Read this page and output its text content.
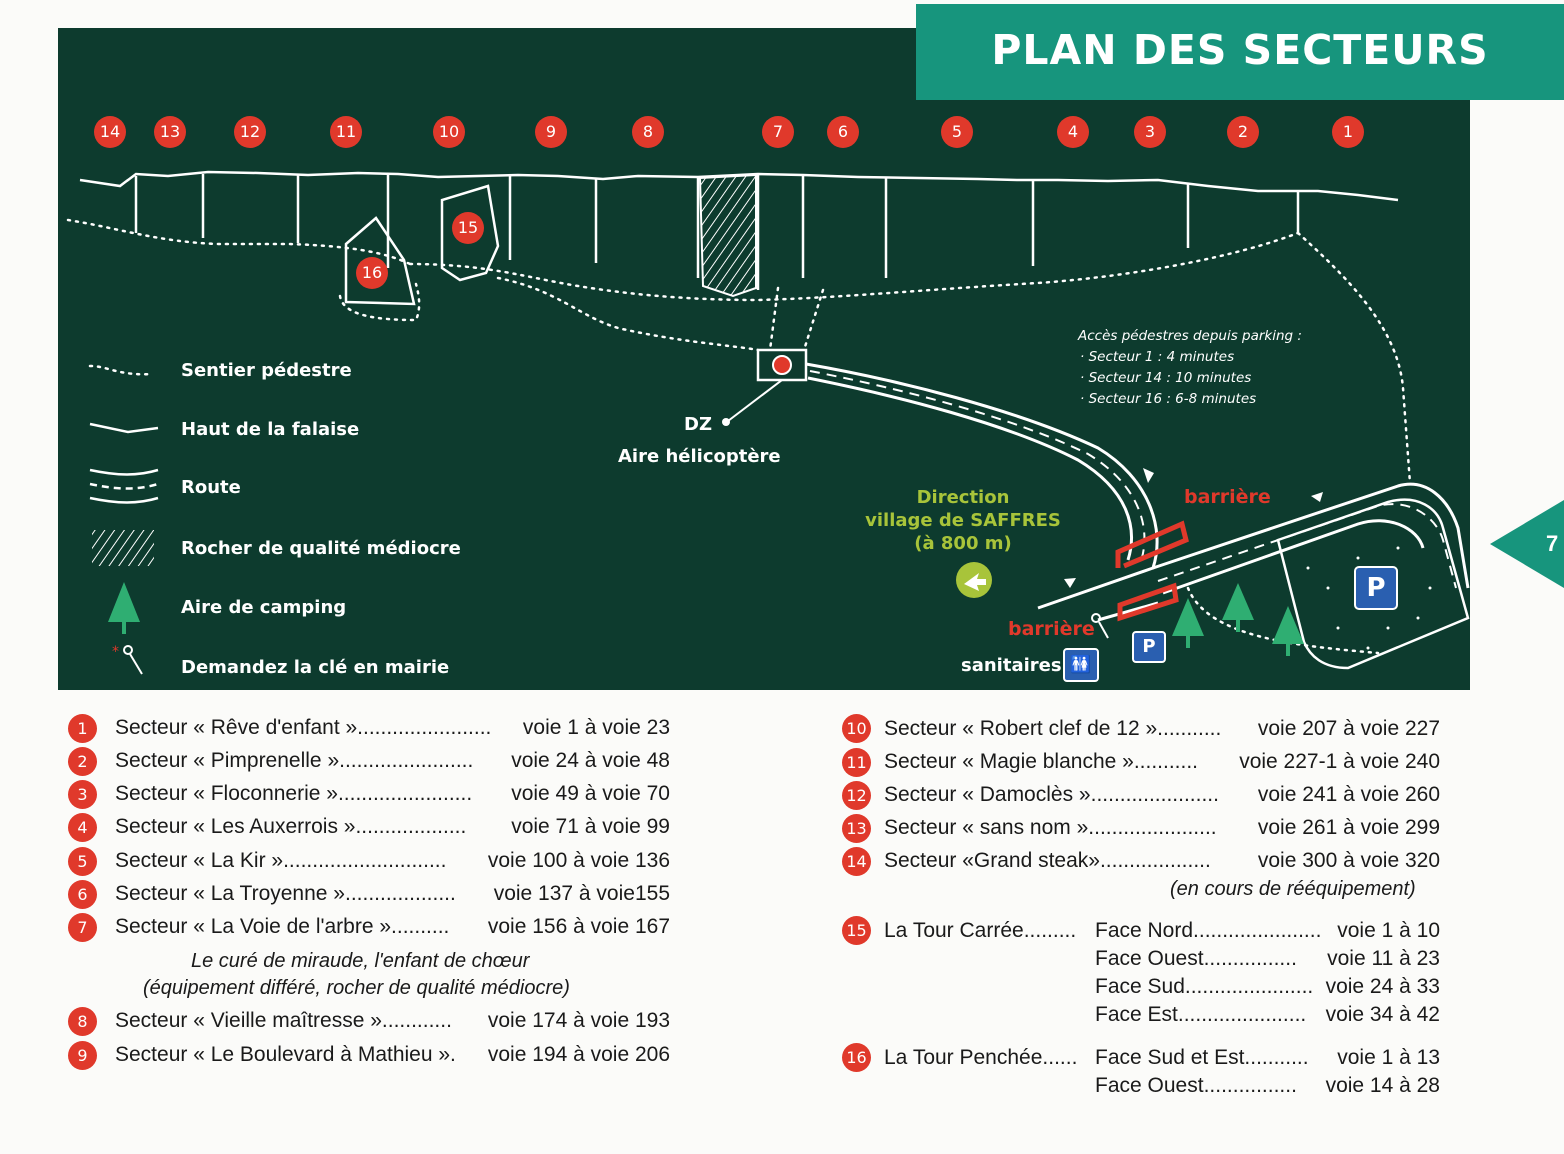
14	13	12	11	10	9	8	7	6	5	4	3	2	1
15
16
*
Sentier pédestre
Haut de la falaise
Route
Rocher de qualité médiocre
Aire de camping
Demandez la clé en mairie
DZ
Aire hélicoptère
Direction
village de SAFFRES
(à 800 m)
barrière
barrière
sanitaires 🚻
P
P
Accès pédestres depuis parking :
· Secteur 1 : 4 minutes
· Secteur 14 : 10 minutes
· Secteur 16 : 6-8 minutes
PLAN DES SECTEURS
7
1	Secteur « Rêve d'enfant »....................... voie 1 à voie 23
2	Secteur « Pimprenelle »....................... voie 24 à voie 48
3	Secteur « Floconnerie »....................... voie 49 à voie 70
4	Secteur « Les Auxerrois »................... voie 71 à voie 99
5	Secteur « La Kir »............................ voie 100 à voie 136
6	Secteur « La Troyenne »................... voie 137 à voie155
7	Secteur « La Voie de l'arbre ».......... voie 156 à voie 167
Le curé de miraude, l'enfant de chœur
(équipement différé, rocher de qualité médiocre)
8	Secteur « Vieille maîtresse »............ voie 174 à voie 193
9	Secteur « Le Boulevard à Mathieu ». voie 194 à voie 206
10 Secteur « Robert clef de 12 »........... voie 207 à voie 227
11 Secteur « Magie blanche »........... voie 227-1 à voie 240
12 Secteur « Damoclès »...................... voie 241 à voie 260
13 Secteur « sans nom »...................... voie 261 à voie 299
14 Secteur «Grand steak»................... voie 300 à voie 320
(en cours de rééquipement)
15 La Tour Carrée......... Face Nord...................... voie 1 à 10
Face Ouest................ voie 11 à 23
Face Sud...................... voie 24 à 33
Face Est...................... voie 34 à 42
16 La Tour Penchée...... Face Sud et Est........... voie 1 à 13
Face Ouest................ voie 14 à 28
